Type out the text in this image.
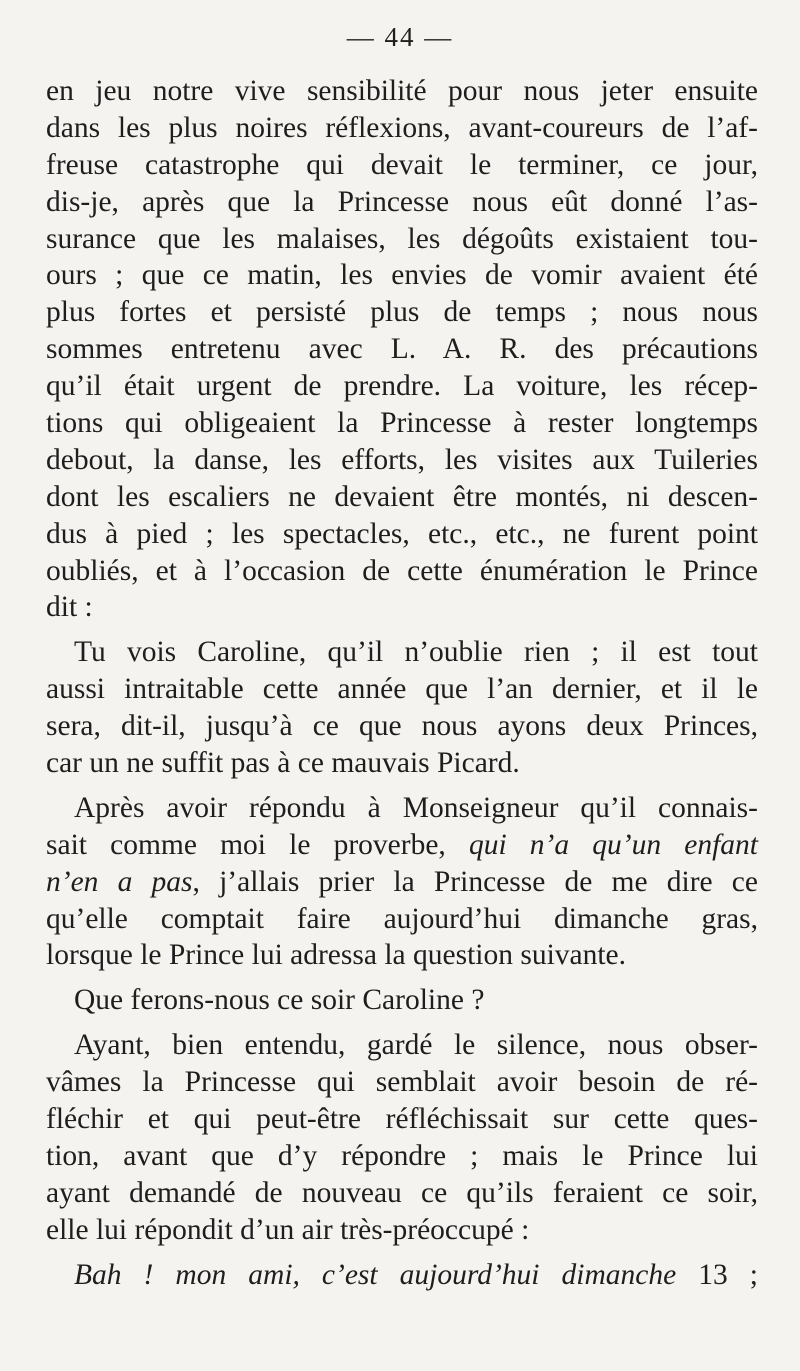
— 44 —
en jeu notre vive sensibilité pour nous jeter ensuite
dans les plus noires réflexions, avant-coureurs de l’af-
freuse catastrophe qui devait le terminer, ce jour,
dis-je, après que la Princesse nous eût donné l’as-
surance que les malaises, les dégoûts existaient tou-
ours ; que ce matin, les envies de vomir avaient été
plus fortes et persisté plus de temps ; nous nous
sommes entretenu avec L. A. R. des précautions
qu’il était urgent de prendre. La voiture, les récep-
tions qui obligeaient la Princesse à rester longtemps
debout, la danse, les efforts, les visites aux Tuileries
dont les escaliers ne devaient être montés, ni descen-
dus à pied ; les spectacles, etc., etc., ne furent point
oubliés, et à l’occasion de cette énumération le Prince
dit :
Tu vois Caroline, qu’il n’oublie rien ; il est tout
aussi intraitable cette année que l’an dernier, et il le
sera, dit-il, jusqu’à ce que nous ayons deux Princes,
car un ne suffit pas à ce mauvais Picard.
Après avoir répondu à Monseigneur qu’il connais-
sait comme moi le proverbe, qui n’a qu’un enfant
n’en a pas, j’allais prier la Princesse de me dire ce
qu’elle comptait faire aujourd’hui dimanche gras,
lorsque le Prince lui adressa la question suivante.
Que ferons-nous ce soir Caroline ?
Ayant, bien entendu, gardé le silence, nous obser-
vâmes la Princesse qui semblait avoir besoin de ré-
fléchir et qui peut-être réfléchissait sur cette ques-
tion, avant que d’y répondre ; mais le Prince lui
ayant demandé de nouveau ce qu’ils feraient ce soir,
elle lui répondit d’un air très-préoccupé :
Bah ! mon ami, c’est aujourd’hui dimanche 13 ;
